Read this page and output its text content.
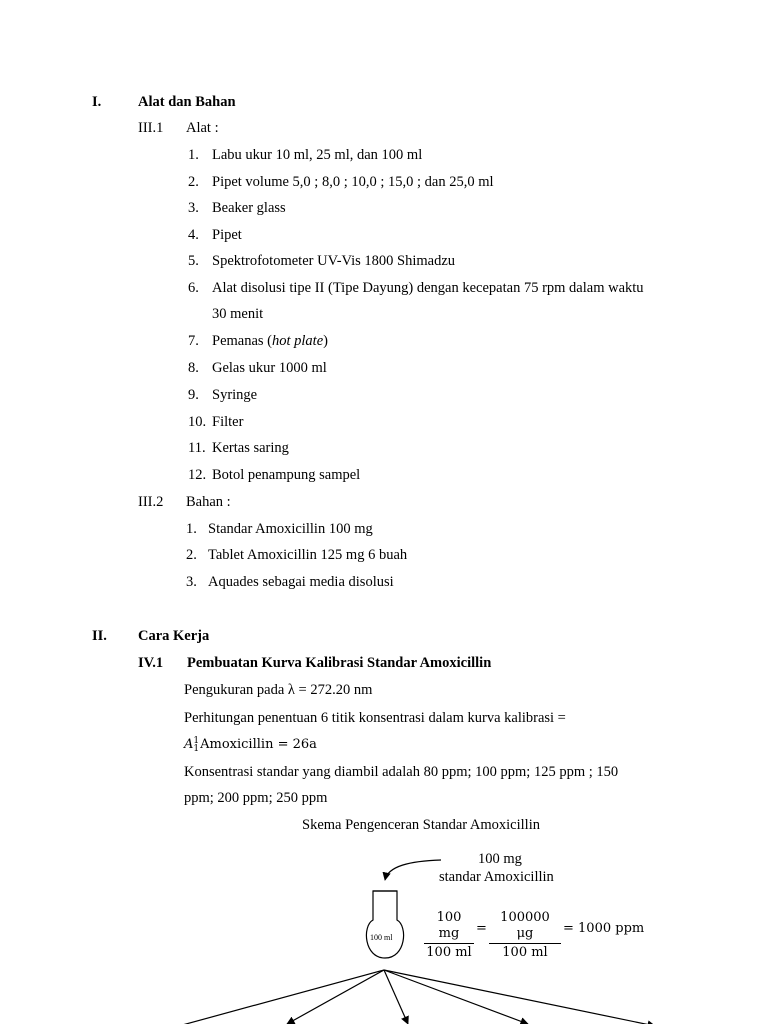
I.	Alat dan Bahan
III.1 Alat :
1. Labu ukur 10 ml, 25 ml, dan 100 ml
2. Pipet volume 5,0 ; 8,0 ; 10,0 ; 15,0 ; dan 25,0 ml
3. Beaker glass
4. Pipet
5. Spektrofotometer UV-Vis 1800 Shimadzu
6. Alat disolusi tipe II (Tipe Dayung) dengan kecepatan 75 rpm dalam waktu
30 menit
7. Pemanas (hot plate)
8. Gelas ukur 1000 ml
9. Syringe
10. Filter
11. Kertas saring
12. Botol penampung sampel
III.2 Bahan :
1. Standar Amoxicillin 100 mg
2. Tablet Amoxicillin 125 mg 6 buah
3. Aquades sebagai media disolusi
II. Cara Kerja
IV.1 Pembuatan Kurva Kalibrasi Standar Amoxicillin
Pengukuran pada λ = 272.20 nm
Perhitungan penentuan 6 titik konsentrasi dalam kurva kalibrasi =
A 1
1 Amoxicillin = 26a
Konsentrasi standar yang diambil adalah 80 ppm; 100 ppm; 125 ppm ; 150
ppm; 200 ppm; 250 ppm
Skema Pengenceran Standar Amoxicillin
100 mg
standar Amoxicillin
100 ml $\frac{100 mg}{100 ml} = \frac{100000 \mu g}{100 ml} = 1000$ ppm
